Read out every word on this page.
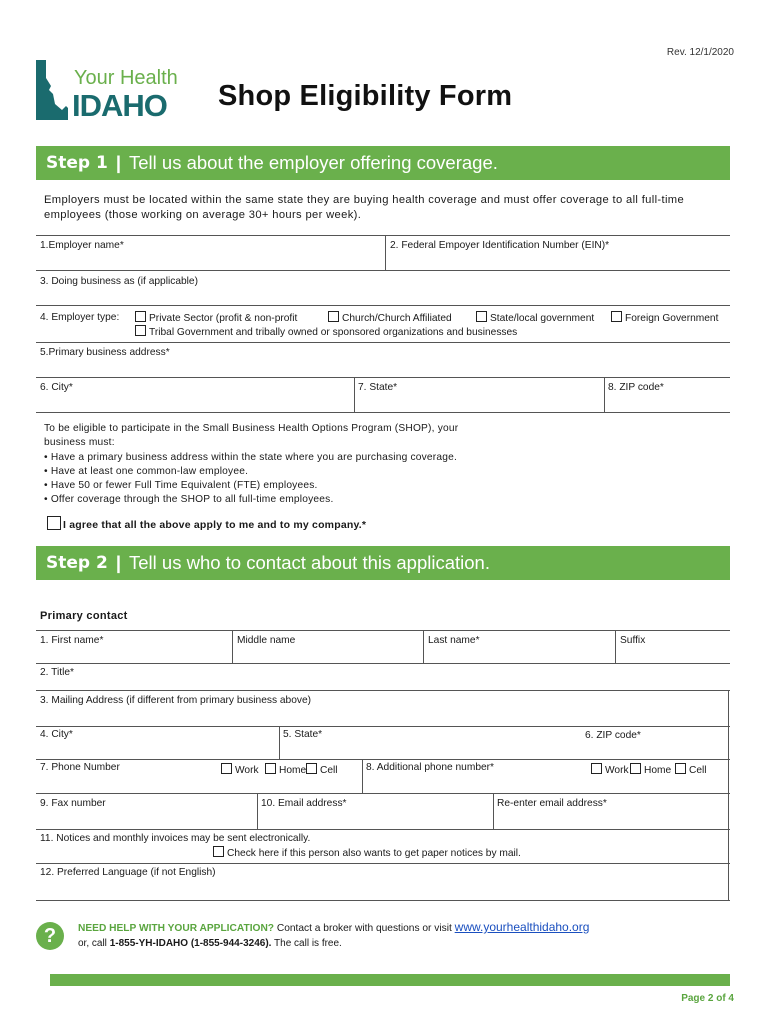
Rev. 12/1/2020
Your Health
IDAHO Shop Eligibility Form
Step 1 | Tell us about the employer offering coverage.
Employers must be located within the same state they are buying health coverage and must offer coverage to all full-time employees (those working on average 30+ hours per week).
1.Employer name*	2. Federal Empoyer Identification Number (EIN)*
3. Doing business as (if applicable)
4. Employer type:	Private Sector (profit & non-profit	Church/Church Affiliated	State/local government	Foreign Government
Tribal Government and tribally owned or sponsored organizations and businesses
5.Primary business address*
6. City*	7. State*	8. ZIP code*
To be eligible to participate in the Small Business Health Options Program (SHOP), your
business must:
• Have a primary business address within the state where you are purchasing coverage.
• Have at least one common-law employee.
• Have 50 or fewer Full Time Equivalent (FTE) employees.
• Offer coverage through the SHOP to all full-time employees.
I agree that all the above apply to me and to my company.*
Step 2 | Tell us who to contact about this application.
Primary contact
1. First name*	Middle name	Last name*	Suffix
2. Title*
3. Mailing Address (if different from primary business above)
4. City*	5. State*	6. ZIP code*
7. Phone Number	Work	Home	Cell	8. Additional phone number*	Work	Home	Cell
9. Fax number	10. Email address*	Re-enter email address*
11. Notices and monthly invoices may be sent electronically.
Check here if this person also wants to get paper notices by mail.
12. Preferred Language (if not English)
?	NEED HELP WITH YOUR APPLICATION? Contact a broker with questions or visit www.yourhealthidaho.org
or, call 1-855-YH-IDAHO (1-855-944-3246). The call is free.
Page 2 of 4
